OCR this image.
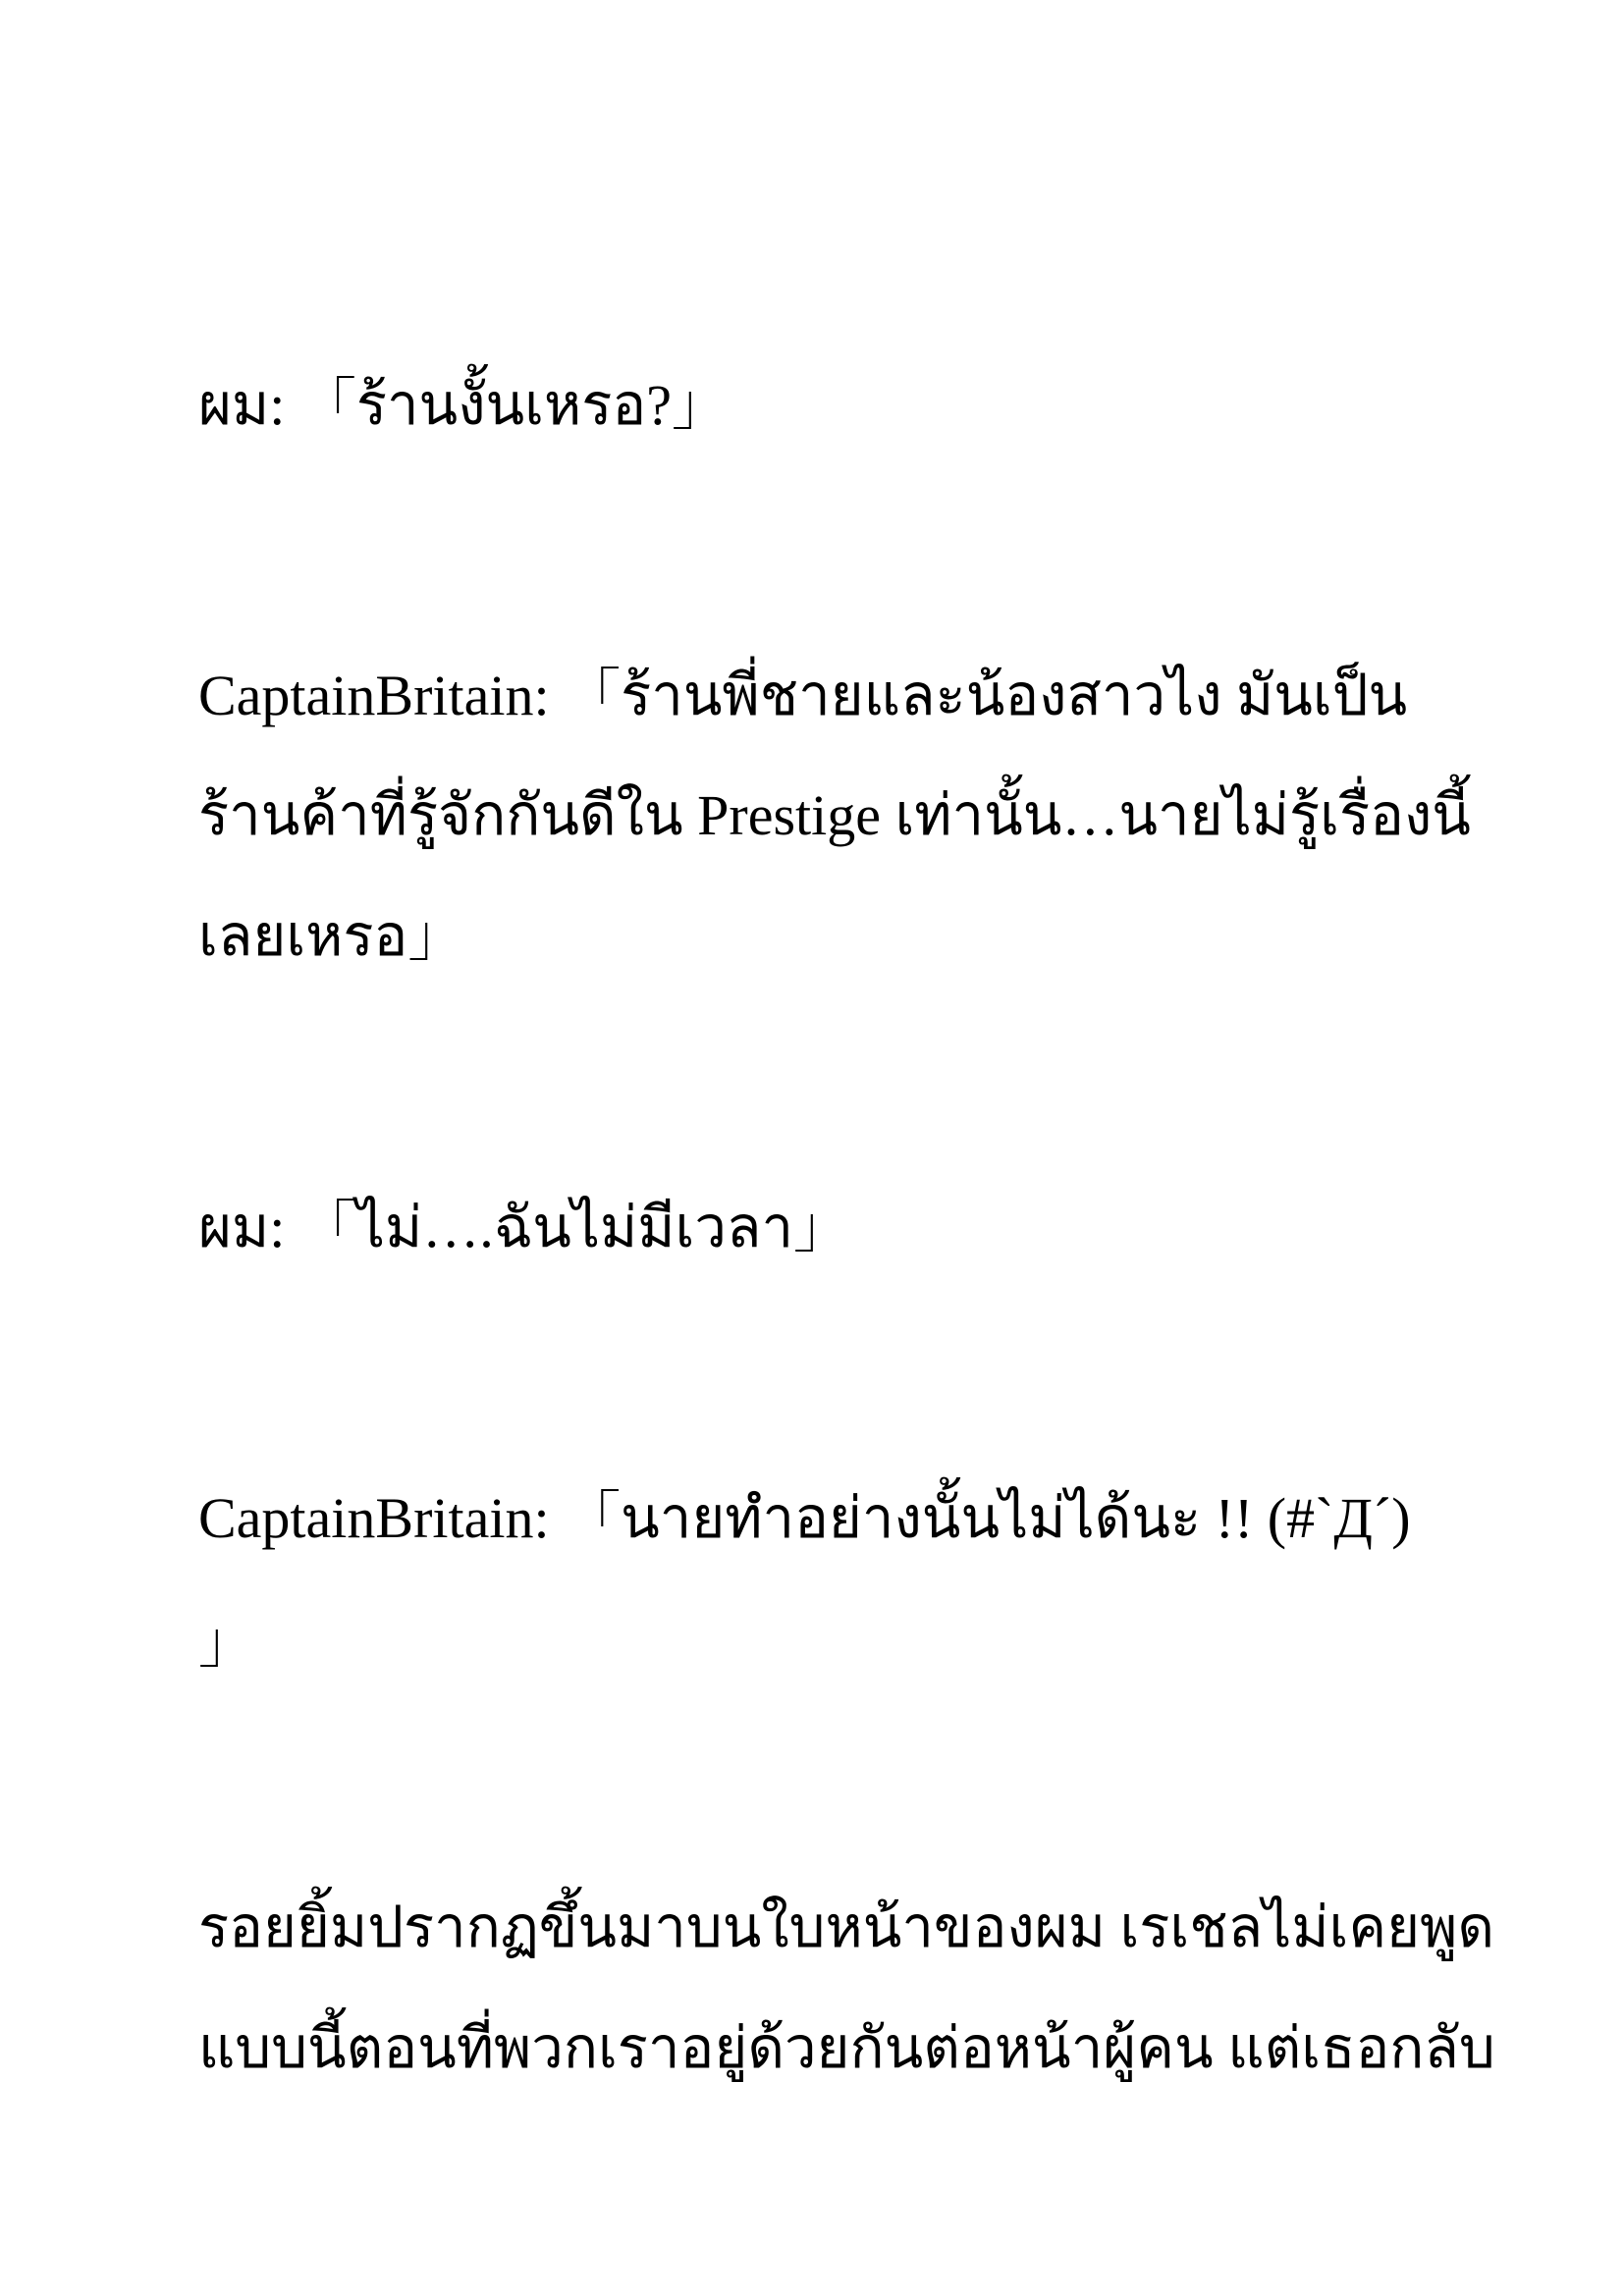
ผม: 「ร้านงั้นเหรอ?」
CaptainBritain: 「ร้านพี่ชายและน้องสาวไง มันเป็น
ร้านค้าที่รู้จักกันดีใน Prestige เท่านั้น…นายไม่รู้เรื่องนี้
เลยเหรอ」
ผม: 「ไม่….ฉันไม่มีเวลา」
CaptainBritain: 「นายทำอย่างนั้นไม่ได้นะ !! (#`Д´)
」
รอยยิ้มปรากฏขึ้นมาบนใบหน้าของผม เรเชลไม่เคยพูด
แบบนี้ตอนที่พวกเราอยู่ด้วยกันต่อหน้าผู้คน แต่เธอกลับ
